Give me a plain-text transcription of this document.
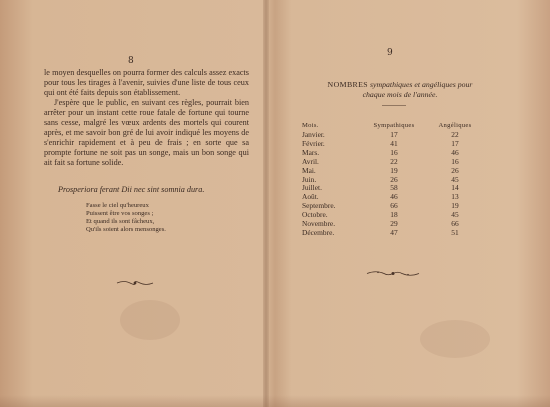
8

le moyen desquelles on pourra former des calculs assez exacts pour tous les tirages à l'avenir, suivies d'une liste de tous ceux qui ont été faits depuis son établissement.

J'espère que le public, en suivant ces règles, pourrait bien arrêter pour un instant cette roue fatale de fortune qui tourne sans cesse, malgré les vœux ardents des mortels qui courent après, et me savoir bon gré de lui avoir indiqué les moyens de s'enrichir rapidement et à peu de frais ; en sorte que sa prompte fortune ne soit pas un songe, mais un bon songe qui ait fait sa fortune solide.

Prosperiora ferant Dii nec sint somnia dura.
Fasse le ciel qu'heureux
Puissent être vos songes ;
Et quand ils sont fâcheux,
Qu'ils soient alors mensonges.
9
NOMBRES sympathiques et angéliques pour
chaque mois de l'année.
Mois.	Sympathiques	Angéliques
Janvier.	17	22
Février.	41	17
Mars.	16	46
Avril.	22	16
Mai.	19	26
Juin.	26	45
Juillet.	58	14
Août.	46	13
Septembre.	66	19
Octobre.	18	45
Novembre.	29	66
Décembre.	47	51
